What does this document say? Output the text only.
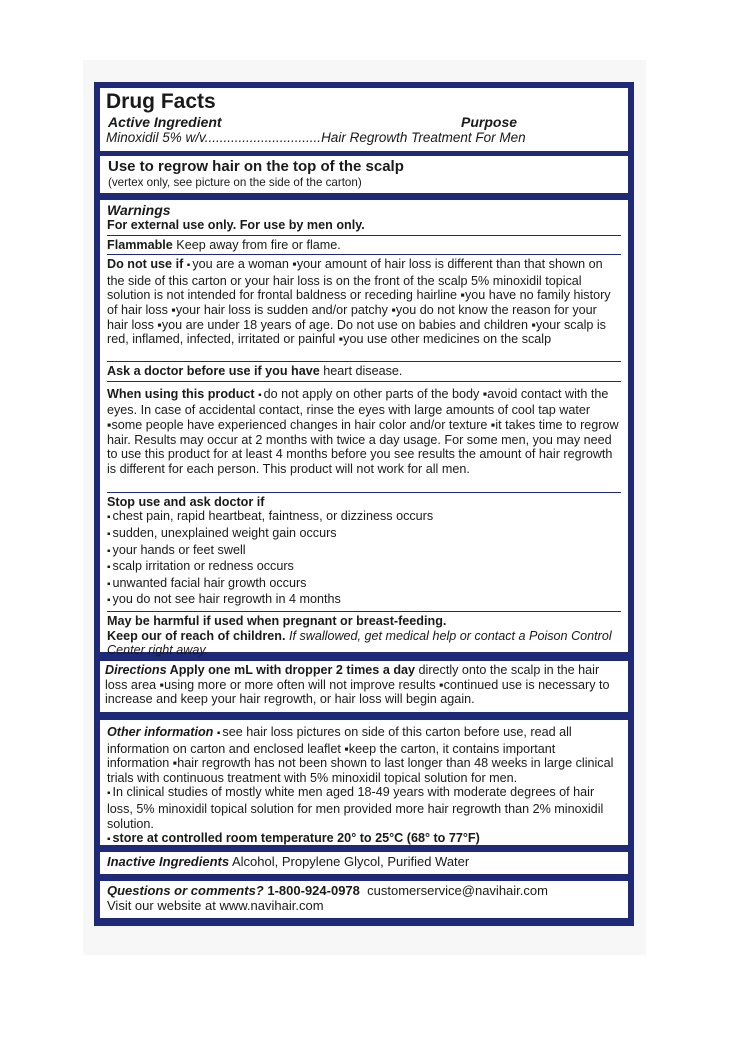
Drug Facts

Active Ingredient	Purpose
Minoxidil 5% w/v...............................Hair Regrowth Treatment For Men

Use to regrow hair on the top of the scalp

(vertex only, see picture on the side of the carton)

Warnings

For external use only. For use by men only.

Flammable Keep away from fire or flame.

Do not use if ▪ you are a woman ▪your amount of hair loss is different than that shown on the side of this carton or your hair loss is on the front of the scalp 5% minoxidil topical solution is not intended for frontal baldness or receding hairline ▪you have no family history of hair loss ▪your hair loss is sudden and/or patchy ▪you do not know the reason for your hair loss ▪you are under 18 years of age. Do not use on babies and children ▪your scalp is red, inflamed, infected, irritated or painful ▪you use other medicines on the scalp

Ask a doctor before use if you have heart disease.

When using this product ▪ do not apply on other parts of the body ▪avoid contact with the eyes. In case of accidental contact, rinse the eyes with large amounts of cool tap water ▪some people have experienced changes in hair color and/or texture ▪it takes time to regrow hair. Results may occur at 2 months with twice a day usage. For some men, you may need to use this product for at least 4 months before you see results the amount of hair regrowth is different for each person. This product will not work for all men.

Stop use and ask doctor if

▪ chest pain, rapid heartbeat, faintness, or dizziness occurs
▪ sudden, unexplained weight gain occurs
▪ your hands or feet swell
▪ scalp irritation or redness occurs
▪ unwanted facial hair growth occurs
▪ you do not see hair regrowth in 4 months

May be harmful if used when pregnant or breast-feeding.

Keep our of reach of children. If swallowed, get medical help or contact a Poison Control Center right away.

Directions Apply one mL with dropper 2 times a day directly onto the scalp in the hair loss area ▪using more or more often will not improve results ▪continued use is necessary to increase and keep your hair regrowth, or hair loss will begin again.

Other information ▪ see hair loss pictures on side of this carton before use, read all information on carton and enclosed leaflet ▪keep the carton, it contains important information ▪hair regrowth has not been shown to last longer than 48 weeks in large clinical trials with continuous treatment with 5% minoxidil topical solution for men.

▪ In clinical studies of mostly white men aged 18-49 years with moderate degrees of hair loss, 5% minoxidil topical solution for men provided more hair regrowth than 2% minoxidil solution.

▪ store at controlled room temperature 20° to 25°C (68° to 77°F)

Inactive Ingredients Alcohol, Propylene Glycol, Purified Water

Questions or comments? 1-800-924-0978 customerservice@navihair.com

Visit our website at www.navihair.com
